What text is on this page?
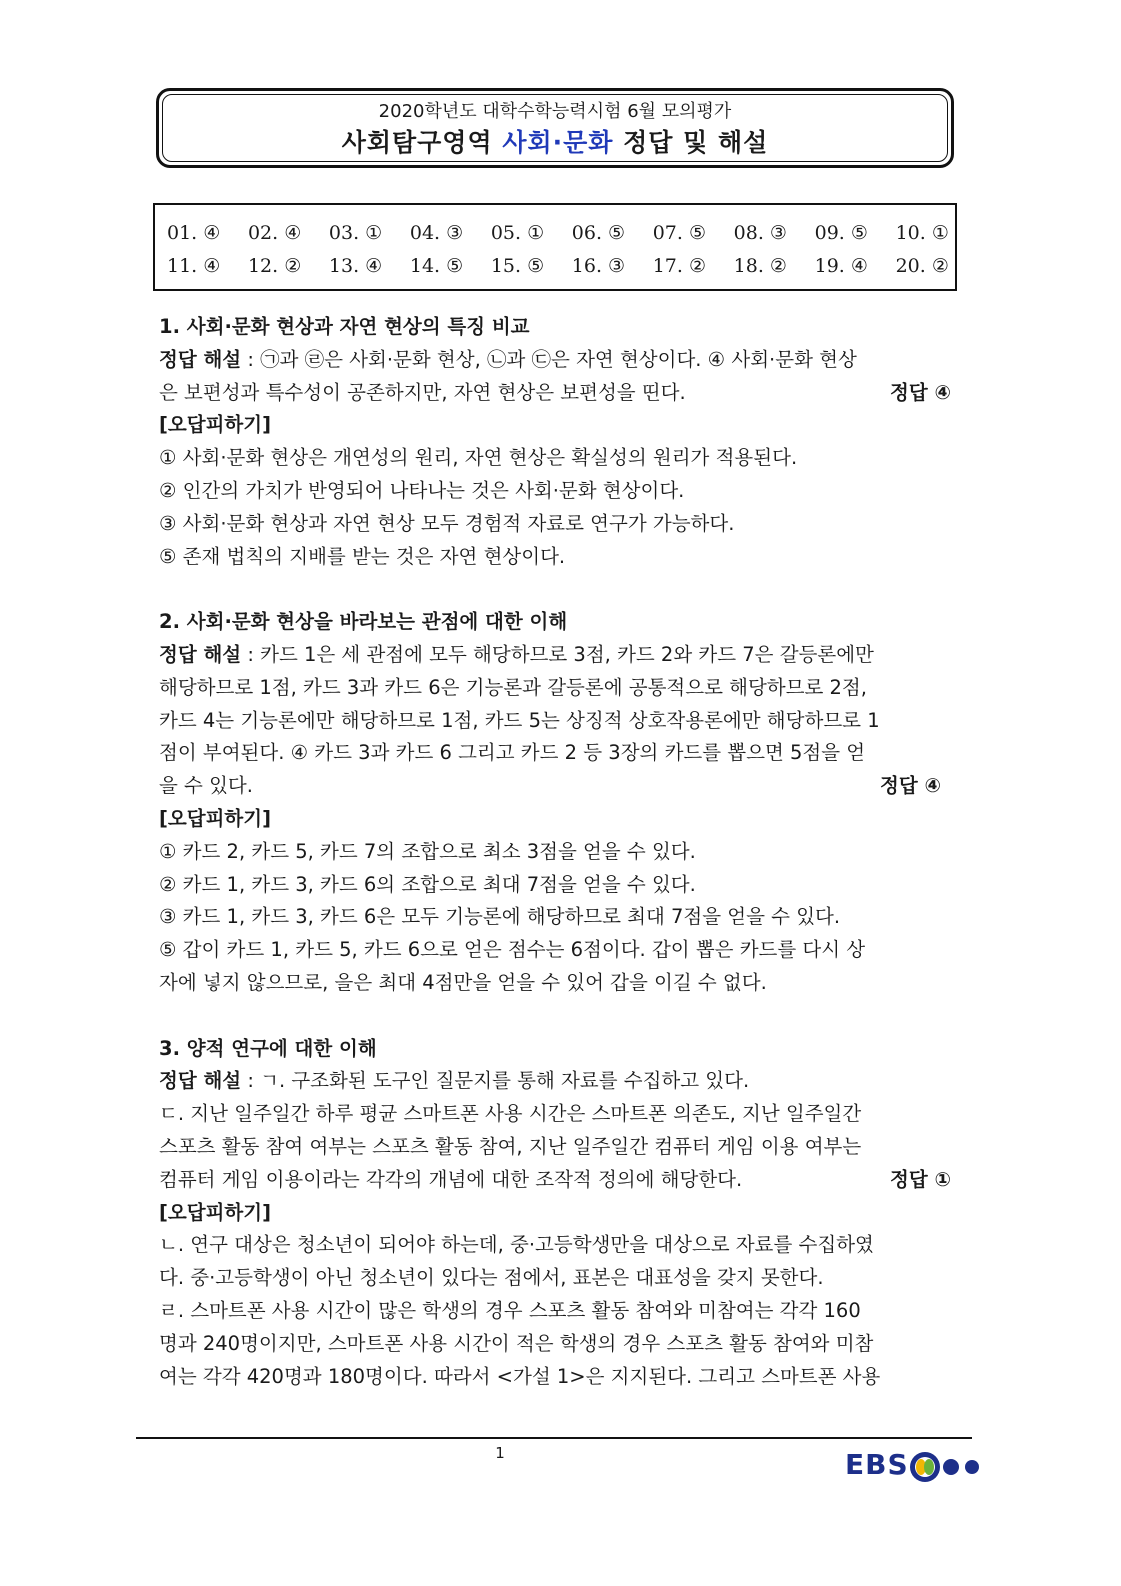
2020학년도 대학수학능력시험 6월 모의평가
사회탐구영역 사회·문화 정답 및 해설
01. ④ 02. ④ 03. ① 04. ③ 05. ① 06. ⑤ 07. ⑤ 08. ③ 09. ⑤ 10. ①
11. ④ 12. ② 13. ④ 14. ⑤ 15. ⑤ 16. ③ 17. ② 18. ② 19. ④ 20. ②
1. 사회·문화 현상과 자연 현상의 특징 비교
정답 해설 : ㉠과 ㉣은 사회·문화 현상, ㉡과 ㉢은 자연 현상이다. ④ 사회·문화 현상
은 보편성과 특수성이 공존하지만, 자연 현상은 보편성을 띤다.	정답 ④
[오답피하기]
① 사회·문화 현상은 개연성의 원리, 자연 현상은 확실성의 원리가 적용된다.
② 인간의 가치가 반영되어 나타나는 것은 사회·문화 현상이다.
③ 사회·문화 현상과 자연 현상 모두 경험적 자료로 연구가 가능하다.
⑤ 존재 법칙의 지배를 받는 것은 자연 현상이다.
2. 사회·문화 현상을 바라보는 관점에 대한 이해
정답 해설 : 카드 1은 세 관점에 모두 해당하므로 3점, 카드 2와 카드 7은 갈등론에만
해당하므로 1점, 카드 3과 카드 6은 기능론과 갈등론에 공통적으로 해당하므로 2점,
카드 4는 기능론에만 해당하므로 1점, 카드 5는 상징적 상호작용론에만 해당하므로 1
점이 부여된다. ④ 카드 3과 카드 6 그리고 카드 2 등 3장의 카드를 뽑으면 5점을 얻
을 수 있다.	정답 ④
[오답피하기]
① 카드 2, 카드 5, 카드 7의 조합으로 최소 3점을 얻을 수 있다.
② 카드 1, 카드 3, 카드 6의 조합으로 최대 7점을 얻을 수 있다.
③ 카드 1, 카드 3, 카드 6은 모두 기능론에 해당하므로 최대 7점을 얻을 수 있다.
⑤ 갑이 카드 1, 카드 5, 카드 6으로 얻은 점수는 6점이다. 갑이 뽑은 카드를 다시 상
자에 넣지 않으므로, 을은 최대 4점만을 얻을 수 있어 갑을 이길 수 없다.
3. 양적 연구에 대한 이해
정답 해설 : ㄱ. 구조화된 도구인 질문지를 통해 자료를 수집하고 있다.
ㄷ. 지난 일주일간 하루 평균 스마트폰 사용 시간은 스마트폰 의존도, 지난 일주일간
스포츠 활동 참여 여부는 스포츠 활동 참여, 지난 일주일간 컴퓨터 게임 이용 여부는
컴퓨터 게임 이용이라는 각각의 개념에 대한 조작적 정의에 해당한다.	정답 ①
[오답피하기]
ㄴ. 연구 대상은 청소년이 되어야 하는데, 중·고등학생만을 대상으로 자료를 수집하였
다. 중·고등학생이 아닌 청소년이 있다는 점에서, 표본은 대표성을 갖지 못한다.
ㄹ. 스마트폰 사용 시간이 많은 학생의 경우 스포츠 활동 참여와 미참여는 각각 160
명과 240명이지만, 스마트폰 사용 시간이 적은 학생의 경우 스포츠 활동 참여와 미참
여는 각각 420명과 180명이다. 따라서 <가설 1>은 지지된다. 그리고 스마트폰 사용
1	EBS
